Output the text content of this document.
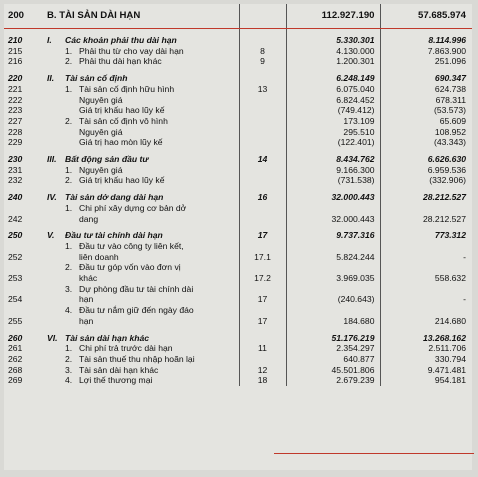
200	B. TÀI SẢN DÀI HẠN		112.927.190	57.685.974
210	I. Các khoản phải thu dài hạn		5.330.301	8.114.996
215	1. Phải thu từ cho vay dài hạn	8	4.130.000	7.863.900
216	2. Phải thu dài hạn khác	9	1.200.301	251.096
220	II. Tài sản cố định		6.248.149	690.347
221	1. Tài sản cố định hữu hình	13	6.075.040	624.738
222	Nguyên giá		6.824.452	678.311
223	Giá trị khấu hao lũy kế		(749.412)	(53.573)
227	2. Tài sản cố định vô hình		173.109	65.609
228	Nguyên giá		295.510	108.952
229	Giá trị hao mòn lũy kế		(122.401)	(43.343)
230	III. Bất động sản đầu tư	14	8.434.762	6.626.630
231	1. Nguyên giá		9.166.300	6.959.536
232	2. Giá trị khấu hao lũy kế		(731.538)	(332.906)
240	IV. Tài sản dở dang dài hạn	16	32.000.443	28.212.527
242	1. Chi phí xây dựng cơ bản dở
dang		32.000.443	28.212.527
250	V. Đầu tư tài chính dài hạn	17	9.737.316	773.312
252	1. Đầu tư vào công ty liên kết,
liên doanh	17.1	5.824.244	-
253	2. Đầu tư góp vốn vào đơn vị
khác	17.2	3.969.035	558.632
254	3. Dự phòng đầu tư tài chính dài
hạn	17	(240.643)	-
255	4. Đầu tư nắm giữ đến ngày đáo
hạn	17	184.680	214.680
260	VI. Tài sản dài hạn khác		51.176.219	13.268.162
261	1. Chi phí trả trước dài hạn	11	2.354.297	2.511.706
262	2. Tài sản thuế thu nhập hoãn lại		640.877	330.794
268	3. Tài sản dài hạn khác	12	45.501.806	9.471.481
269	4. Lợi thế thương mại	18	2.679.239	954.181
